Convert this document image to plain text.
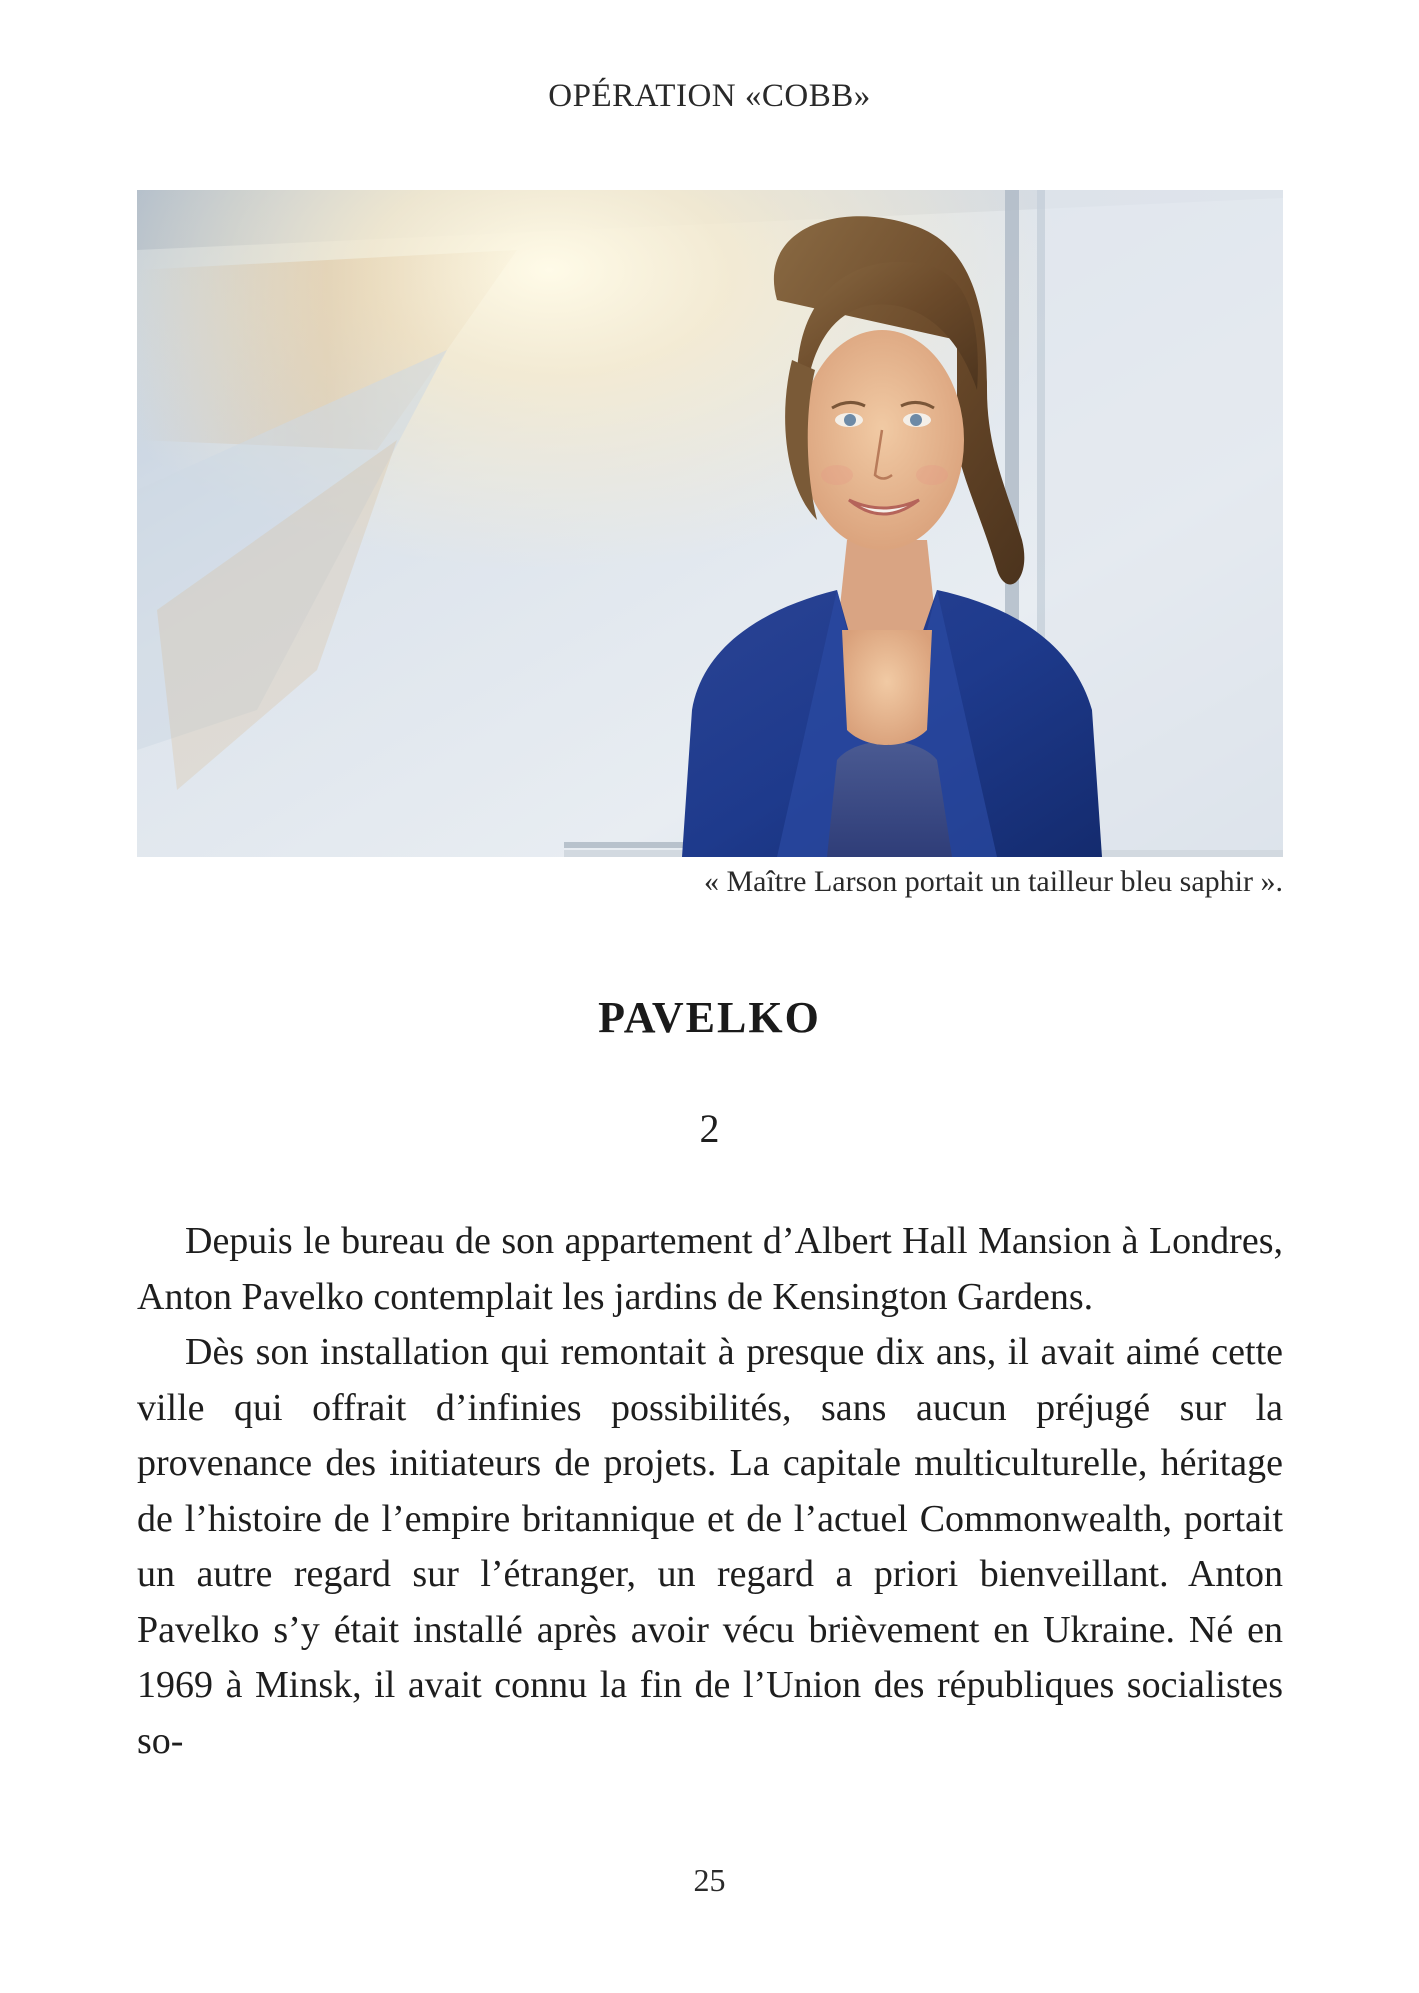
OPÉRATION «COBB»
« Maître Larson portait un tailleur bleu saphir ».
PAVELKO
2

Depuis le bureau de son appartement d’Albert Hall Mansion à Londres, Anton Pavelko contemplait les jardins de Kensington Gardens.

Dès son installation qui remontait à presque dix ans, il avait aimé cette ville qui offrait d’infinies possibilités, sans aucun préjugé sur la provenance des initiateurs de projets. La capitale multiculturelle, héritage de l’histoire de l’empire britannique et de l’actuel Commonwealth, portait un autre regard sur l’étranger, un regard a priori bienveillant. Anton Pavelko s’y était installé après avoir vécu brièvement en Ukraine. Né en 1969 à Minsk, il avait connu la fin de l’Union des républiques socialistes so-

25
